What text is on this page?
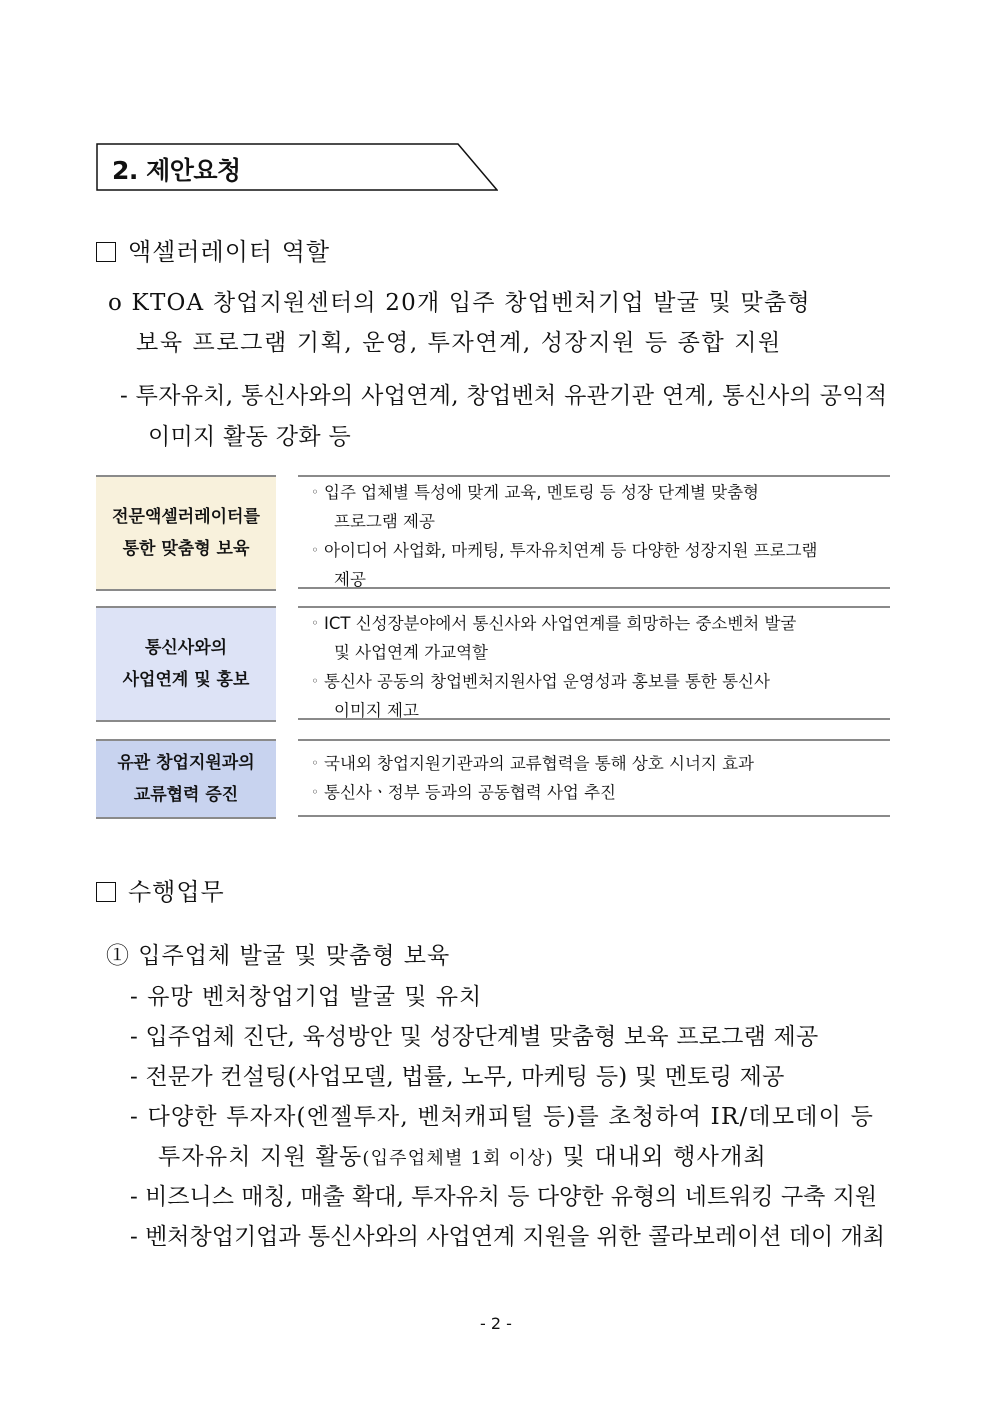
2. 제안요청
액셀러레이터 역할
o KTOA 창업지원센터의 20개 입주 창업벤처기업 발굴 및 맞춤형
보육 프로그램 기획, 운영, 투자연계, 성장지원 등 종합 지원
- 투자유치, 통신사와의 사업연계, 창업벤처 유관기관 연계, 통신사의 공익적
이미지 활동 강화 등
전문액셀러레이터를
통한 맞춤형 보육
◦ 입주 업체별 특성에 맞게 교육, 멘토링 등 성장 단계별 맞춤형
프로그램 제공
◦ 아이디어 사업화, 마케팅, 투자유치연계 등 다양한 성장지원 프로그램
제공
통신사와의
사업연계 및 홍보
◦ ICT 신성장분야에서 통신사와 사업연계를 희망하는 중소벤처 발굴
및 사업연계 가교역할
◦ 통신사 공동의 창업벤처지원사업 운영성과 홍보를 통한 통신사
이미지 제고
유관 창업지원과의
교류협력 증진
◦ 국내외 창업지원기관과의 교류협력을 통해 상호 시너지 효과
◦ 통신사ㆍ정부 등과의 공동협력 사업 추진
수행업무
① 입주업체 발굴 및 맞춤형 보육
- 유망 벤처창업기업 발굴 및 유치
- 입주업체 진단, 육성방안 및 성장단계별 맞춤형 보육 프로그램 제공
- 전문가 컨설팅(사업모델, 법률, 노무, 마케팅 등) 및 멘토링 제공
- 다양한 투자자(엔젤투자, 벤처캐피털 등)를 초청하여 IR/데모데이 등
투자유치 지원 활동(입주업체별 1회 이상) 및 대내외 행사개최
- 비즈니스 매칭, 매출 확대, 투자유치 등 다양한 유형의 네트워킹 구축 지원
- 벤처창업기업과 통신사와의 사업연계 지원을 위한 콜라보레이션 데이 개최
- 2 -
